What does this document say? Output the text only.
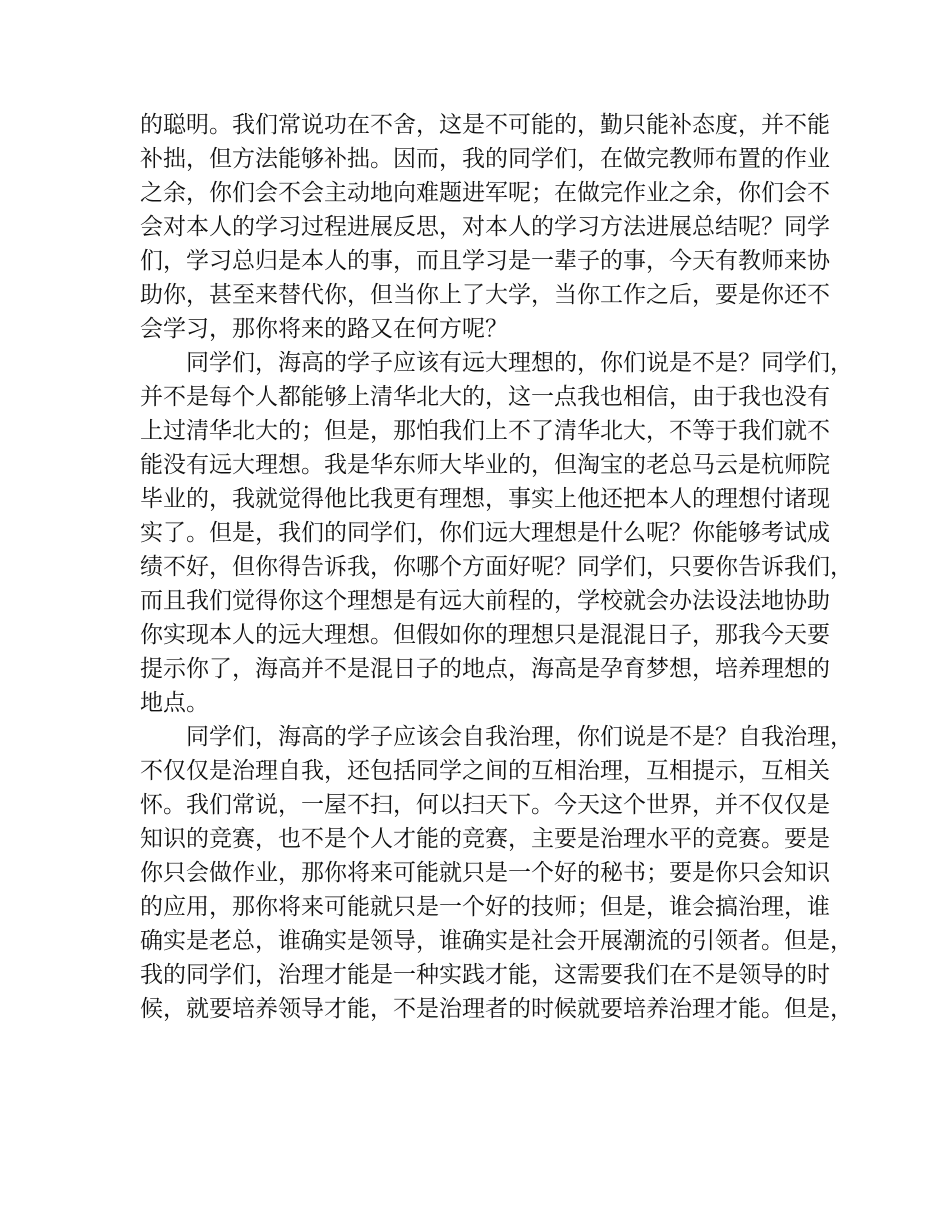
的聪明。我们常说功在不舍，这是不可能的，勤只能补态度，并不能
补拙，但方法能够补拙。因而，我的同学们，在做完教师布置的作业
之余，你们会不会主动地向难题进军呢；在做完作业之余，你们会不
会对本人的学习过程进展反思，对本人的学习方法进展总结呢？同学
们，学习总归是本人的事，而且学习是一辈子的事，今天有教师来协
助你，甚至来替代你，但当你上了大学，当你工作之后，要是你还不
会学习，那你将来的路又在何方呢？
同学们，海高的学子应该有远大理想的，你们说是不是？同学们，
并不是每个人都能够上清华北大的，这一点我也相信，由于我也没有
上过清华北大的；但是，那怕我们上不了清华北大，不等于我们就不
能没有远大理想。我是华东师大毕业的，但淘宝的老总马云是杭师院
毕业的，我就觉得他比我更有理想，事实上他还把本人的理想付诸现
实了。但是，我们的同学们，你们远大理想是什么呢？你能够考试成
绩不好，但你得告诉我，你哪个方面好呢？同学们，只要你告诉我们，
而且我们觉得你这个理想是有远大前程的，学校就会办法设法地协助
你实现本人的远大理想。但假如你的理想只是混混日子，那我今天要
提示你了，海高并不是混日子的地点，海高是孕育梦想，培养理想的
地点。
同学们，海高的学子应该会自我治理，你们说是不是？自我治理，
不仅仅是治理自我，还包括同学之间的互相治理，互相提示，互相关
怀。我们常说，一屋不扫，何以扫天下。今天这个世界，并不仅仅是
知识的竞赛，也不是个人才能的竞赛，主要是治理水平的竞赛。要是
你只会做作业，那你将来可能就只是一个好的秘书；要是你只会知识
的应用，那你将来可能就只是一个好的技师；但是，谁会搞治理，谁
确实是老总，谁确实是领导，谁确实是社会开展潮流的引领者。但是，
我的同学们，治理才能是一种实践才能，这需要我们在不是领导的时
候，就要培养领导才能，不是治理者的时候就要培养治理才能。但是，
